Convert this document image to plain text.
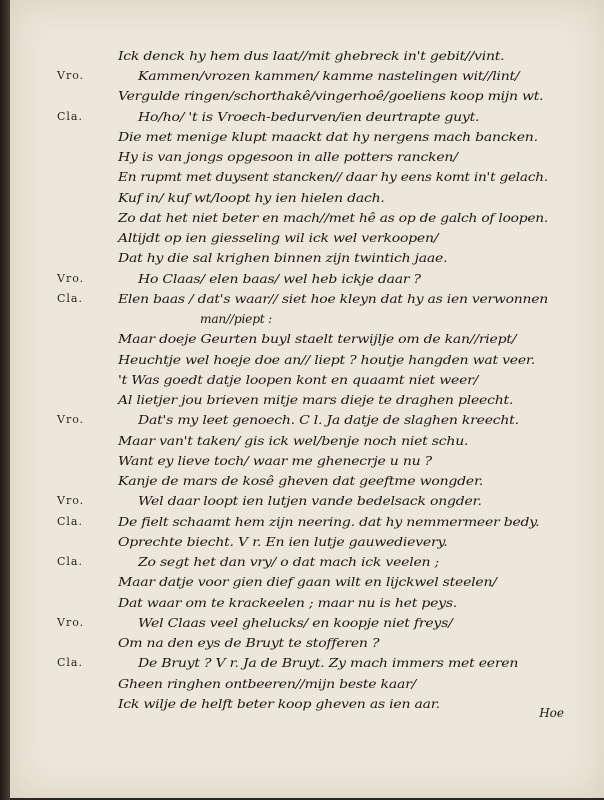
Ick denck hy hem dus laat//mit ghebreck in't gebit//vint.
Vro.	Kammen/vrozen kammen/ kamme nastelingen wit//lint/
Vergulde ringen/schorthakê/vingerhoê/goeliens koop mijn wt.
Cla.	Ho/ho/ 't is Vroech-bedurven/ien deurtrapte guyt.
Die met menige klupt maackt dat hy nergens mach bancken.
Hy is van jongs opgesoon in alle potters rancken/
En rupmt met duysent stancken// daar hy eens komt in't gelach.
Kuf in/ kuf wt/loopt hy ien hielen dach.
Zo dat het niet beter en mach//met hê as op de galch of loopen.
Altijdt op ien giesseling wil ick wel verkoopen/
Dat hy die sal krighen binnen zijn twintich jaae.
Vro.	Ho Claas/ elen baas/ wel heb ickje daar ?
Cla.	Elen baas / dat's waar// siet hoe kleyn dat hy as ien verwonnen
man//piept :
Maar doeje Geurten buyl staelt terwijlje om de kan//riept/
Heuchtje wel hoeje doe an// liept ? houtje hangden wat veer.
't Was goedt datje loopen kont en quaamt niet weer/
Al lietjer jou brieven mitje mars dieje te draghen pleecht.
Vro.	Dat's my leet genoech. C l. Ja datje de slaghen kreecht.
Maar van't taken/ gis ick wel/benje noch niet schu.
Want ey lieve toch/ waar me ghenecrje u nu ?
Kanje de mars de kosê gheven dat geeftme wongder.
Vro.	Wel daar loopt ien lutjen vande bedelsack ongder.
Cla.	De fielt schaamt hem zijn neering. dat hy nemmermeer bedy.
Oprechte biecht. V r. En ien lutje gauwedievery.
Cla.	Zo segt het dan vry/ o dat mach ick veelen ;
Maar datje voor gien dief gaan wilt en lijckwel steelen/
Dat waar om te krackeelen ; maar nu is het peys.
Vro.	Wel Claas veel ghelucks/ en koopje niet freys/
Om na den eys de Bruyt te stofferen ?
Cla.	De Bruyt ? V r. Ja de Bruyt. Zy mach immers met eeren
Gheen ringhen ontbeeren//mijn beste kaar/
Ick wilje de helft beter koop gheven as ien aar.
Hoe
